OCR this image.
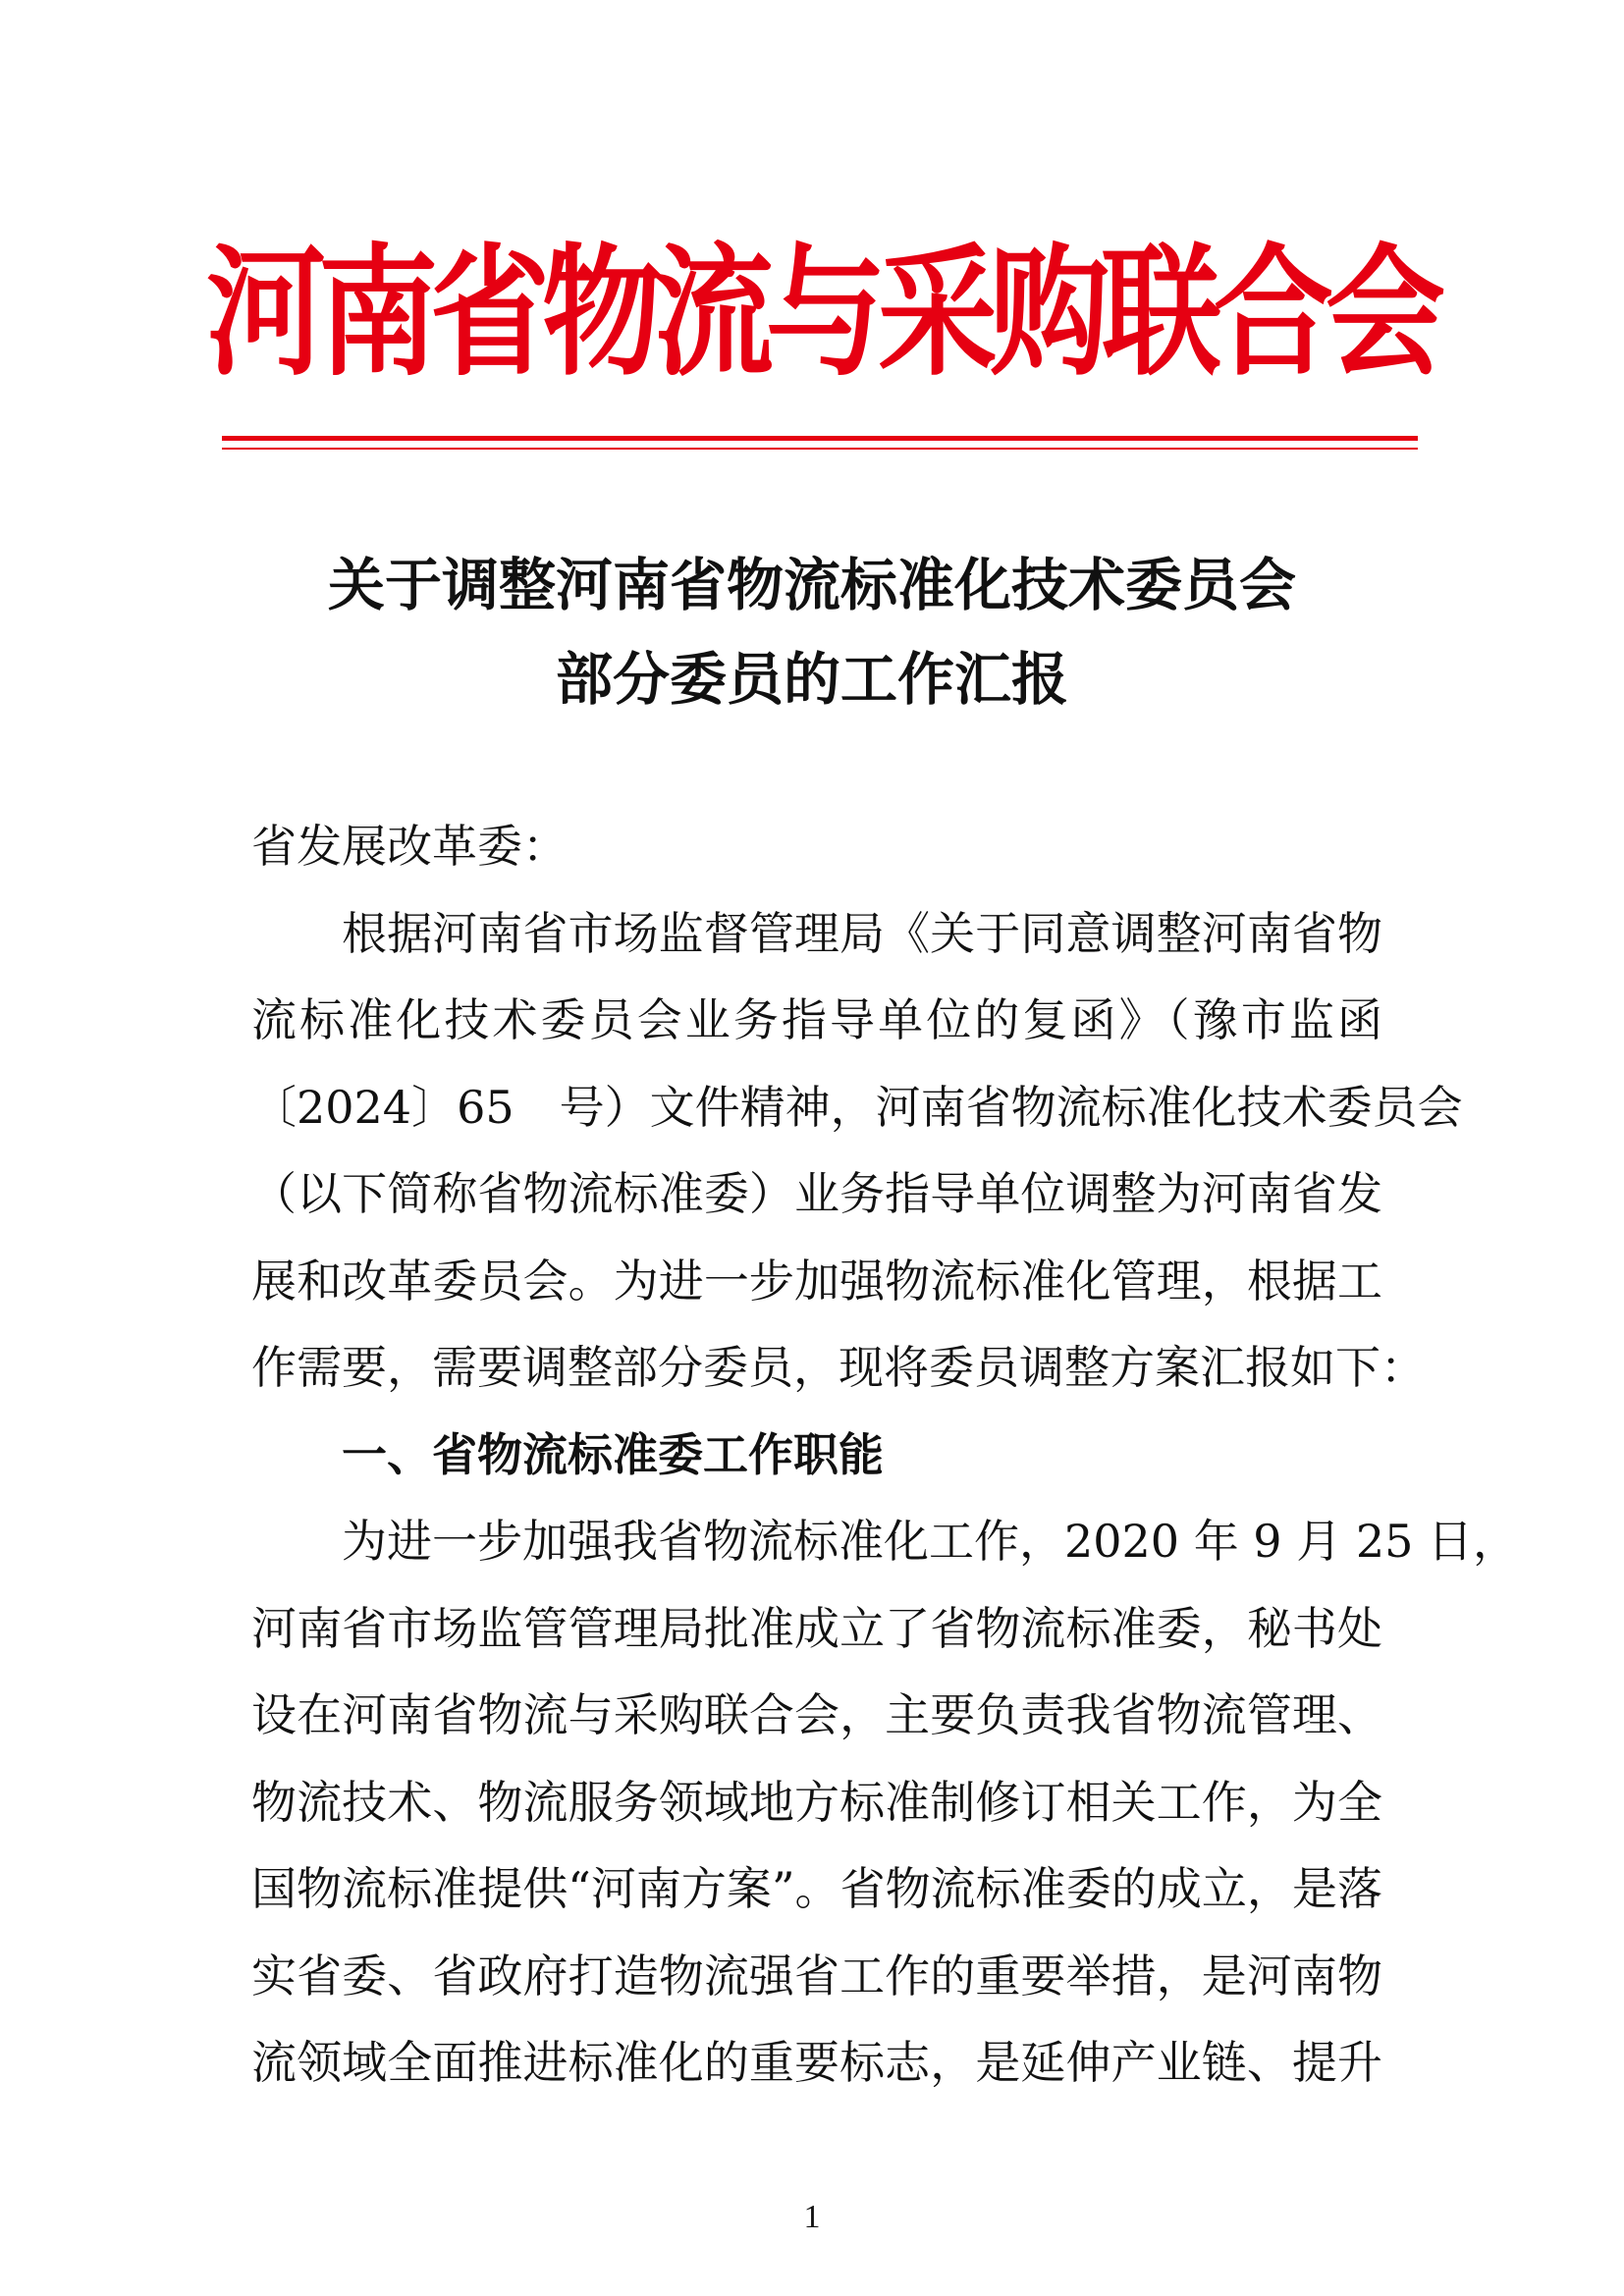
河南省物流与采购联合会
关于调整河南省物流标准化技术委员会
部分委员的工作汇报
省发展改革委：
根据河南省市场监督管理局《关于同意调整河南省物
流标准化技术委员会业务指导单位的复函》（豫市监函
〔2024〕65　号）文件精神，河南省物流标准化技术委员会
（以下简称省物流标准委）业务指导单位调整为河南省发
展和改革委员会。为进一步加强物流标准化管理，根据工
作需要，需要调整部分委员，现将委员调整方案汇报如下：
一、省物流标准委工作职能
为进一步加强我省物流标准化工作，2020 年 9 月 25 日，
河南省市场监管管理局批准成立了省物流标准委，秘书处
设在河南省物流与采购联合会，主要负责我省物流管理、
物流技术、物流服务领域地方标准制修订相关工作，为全
国物流标准提供“河南方案”。省物流标准委的成立，是落
实省委、省政府打造物流强省工作的重要举措，是河南物
流领域全面推进标准化的重要标志，是延伸产业链、提升
1
